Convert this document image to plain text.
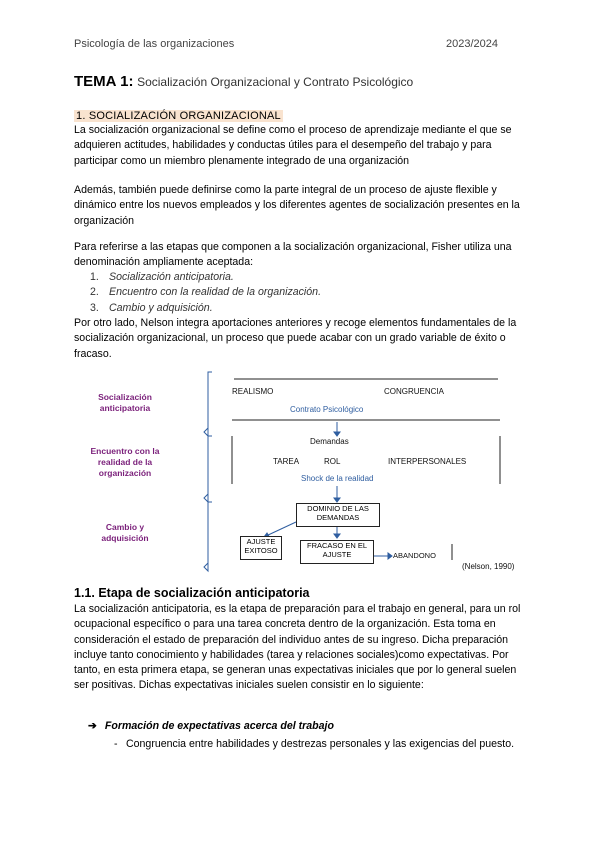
Psicología de las organizaciones	2023/2024
TEMA 1: Socialización Organizacional y Contrato Psicológico
1. SOCIALIZACIÓN ORGANIZACIONAL

La socialización organizacional se define como el proceso de aprendizaje mediante el que se adquieren actitudes, habilidades y conductas útiles para el desempeño del trabajo y para participar como un miembro plenamente integrado de una organización

Además, también puede definirse como la parte integral de un proceso de ajuste flexible y dinámico entre los nuevos empleados y los diferentes agentes de socialización presentes en la organización

Para referirse a las etapas que componen a la socialización organizacional, Fisher utiliza una denominación ampliamente aceptada:

1. Socialización anticipatoria.
2. Encuentro con la realidad de la organización.
3. Cambio y adquisición.

Por otro lado, Nelson integra aportaciones anteriores y recoge elementos fundamentales de la socialización organizacional, un proceso que puede acabar con un grado variable de éxito o fracaso.

Socialización anticipatoria
Encuentro con la realidad de la organización
Cambio y adquisición
REALISMO	CONGRUENCIA
Contrato Psicológico
Demandas
TAREA	ROL	INTERPERSONALES
Shock de la realidad
DOMINIO DE LAS DEMANDAS
AJUSTE EXITOSO
FRACASO EN EL AJUSTE	ABANDONO
(Nelson, 1990)
1.1. Etapa de socialización anticipatoria

La socialización anticipatoria, es la etapa de preparación para el trabajo en general, para un rol ocupacional específico o para una tarea concreta dentro de la organización. Esta toma en consideración el estado de preparación del individuo antes de su ingreso. Dicha preparación incluye tanto conocimiento y habilidades (tarea y relaciones sociales)como expectativas. Por tanto, en esta primera etapa, se generan unas expectativas iniciales que por lo general suelen ser positivas. Dichas expectativas iniciales suelen consistir en lo siguiente:

➔ Formación de expectativas acerca del trabajo
- Congruencia entre habilidades y destrezas personales y las exigencias del puesto.
